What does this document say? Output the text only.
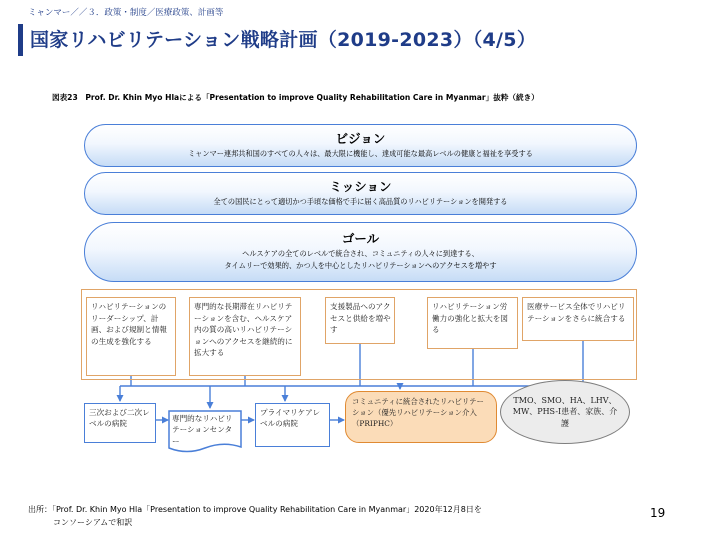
ミャンマー／／３．政策・制度／医療政策、計画等
国家リハビリテーション戦略計画（2019-2023）（4/5）
図表23　Prof. Dr. Khin Myo Hlaによる「Presentation to improve Quality Rehabilitation Care in Myanmar」抜粋（続き）
ビジョン
ミャンマー連邦共和国のすべての人々は、最大限に機能し、達成可能な最高レベルの健康と福祉を享受する
ミッション
全ての国民にとって適切かつ手頃な価格で手に届く高品質のリハビリテーションを開発する
ゴール
ヘルスケアの全てのレベルで統合され、コミュニティの人々に到達する、
タイムリーで効果的、かつ人を中心としたリハビリテーションへのアクセスを増やす
リハビリテーションのリーダーシップ、計画、および規制と情報の生成を強化する
専門的な長期滞在リハビリテーションを含む、ヘルスケア内の質の高いリハビリテーションへのアクセスを継続的に拡大する
支援製品へのアクセスと供給を増やす
リハビリテーション労働力の強化と拡大を図る
医療サービス全体でリハビリテーションをさらに統合する
三次および二次レベルの病院
専門的なリハビリテーションセンター
プライマリケアレベルの病院
コミュニティに統合されたリハビリテーション（優先リハビリテーション介入（PRIPHC）
TMO、SMO、HA、LHV、MW、PHS-I患者、家族、介護
出所：「Prof. Dr. Khin Myo Hla「Presentation to improve Quality Rehabilitation Care in Myanmar」2020年12月8日を
コンソーシアムで和訳
19
